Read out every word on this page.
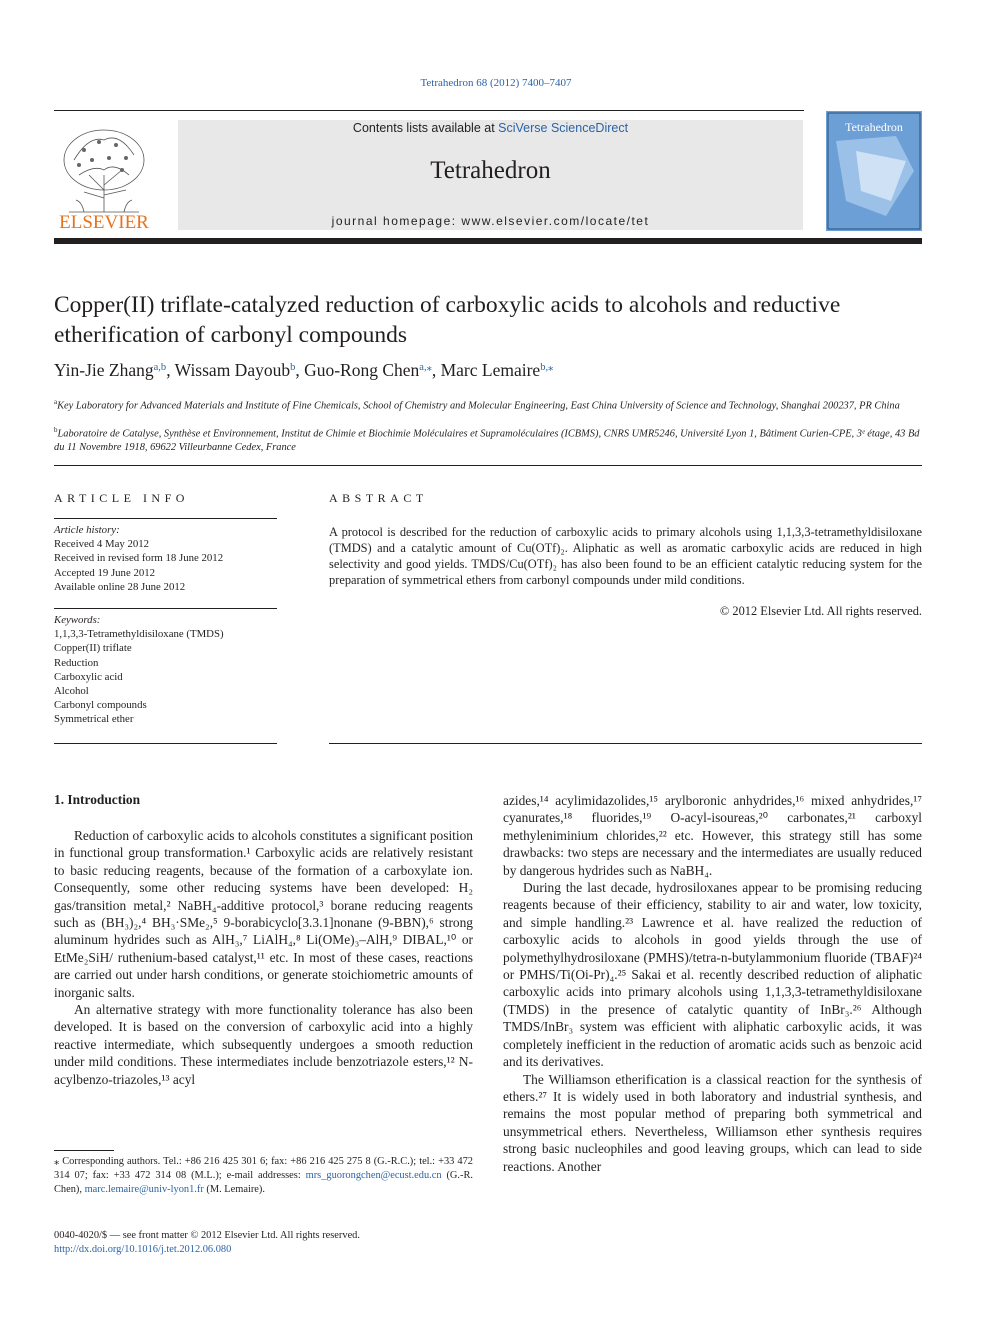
Tetrahedron 68 (2012) 7400–7407
ELSEVIER
Contents lists available at SciVerse ScienceDirect
Tetrahedron
journal homepage: www.elsevier.com/locate/tet
Tetrahedron
Copper(II) triflate-catalyzed reduction of carboxylic acids to alcohols and reductive etherification of carbonyl compounds
Yin-Jie Zhang$^{a,b}$, Wissam Dayoub$^b$, Guo-Rong Chen$^{a,⁎}$, Marc Lemaire$^{b,⁎}$
$^a$Key Laboratory for Advanced Materials and Institute of Fine Chemicals, School of Chemistry and Molecular Engineering, East China University of Science and Technology, Shanghai 200237, PR China
$^b$Laboratoire de Catalyse, Synthèse et Environnement, Institut de Chimie et Biochimie Moléculaires et Supramoléculaires (ICBMS), CNRS UMR5246, Université Lyon 1, Bâtiment Curien-CPE, 3ᵉ étage, 43 Bd du 11 Novembre 1918, 69622 Villeurbanne Cedex, France
ARTICLE INFO
Article history:
Received 4 May 2012
Received in revised form 18 June 2012
Accepted 19 June 2012
Available online 28 June 2012
Keywords:
1,1,3,3-Tetramethyldisiloxane (TMDS)
Copper(II) triflate
Reduction
Carboxylic acid
Alcohol
Carbonyl compounds
Symmetrical ether
ABSTRACT
A protocol is described for the reduction of carboxylic acids to primary alcohols using 1,1,3,3-tetramethyldisiloxane (TMDS) and a catalytic amount of Cu(OTf)₂. Aliphatic as well as aromatic carboxylic acids are reduced in high selectivity and good yields. TMDS/Cu(OTf)₂ has also been found to be an efficient catalytic reducing system for the preparation of symmetrical ethers from carbonyl compounds under mild conditions.
© 2012 Elsevier Ltd. All rights reserved.
1. Introduction

Reduction of carboxylic acids to alcohols constitutes a significant position in functional group transformation.¹ Carboxylic acids are relatively resistant to basic reducing reagents, because of the formation of a carboxylate ion. Consequently, some other reducing systems have been developed: H₂ gas/transition metal,² NaBH₄-additive protocol,³ borane reducing reagents such as (BH₃)₂,⁴ BH₃·SMe₂,⁵ 9-borabicyclo[3.3.1]nonane (9-BBN),⁶ strong aluminum hydrides such as AlH₃,⁷ LiAlH₄,⁸ Li(OMe)₃–AlH,⁹ DIBAL,¹⁰ or EtMe₂SiH/ ruthenium-based catalyst,¹¹ etc. In most of these cases, reactions are carried out under harsh conditions, or generate stoichiometric amounts of inorganic salts.

An alternative strategy with more functionality tolerance has also been developed. It is based on the conversion of carboxylic acid into a highly reactive intermediate, which subsequently undergoes a smooth reduction under mild conditions. These intermediates include benzotriazole esters,¹² N-acylbenzo-triazoles,¹³ acyl

azides,¹⁴ acylimidazolides,¹⁵ arylboronic anhydrides,¹⁶ mixed anhydrides,¹⁷ cyanurates,¹⁸ fluorides,¹⁹ O-acyl-isoureas,²⁰ carbonates,²¹ carboxyl methyleniminium chlorides,²² etc. However, this strategy still has some drawbacks: two steps are necessary and the intermediates are usually reduced by dangerous hydrides such as NaBH₄.

During the last decade, hydrosiloxanes appear to be promising reducing reagents because of their efficiency, stability to air and water, low toxicity, and simple handling.²³ Lawrence et al. have realized the reduction of carboxylic acids to alcohols in good yields through the use of polymethylhydrosiloxane (PMHS)/tetra-n-butylammonium fluoride (TBAF)²⁴ or PMHS/Ti(Oi-Pr)₄.²⁵ Sakai et al. recently described reduction of aliphatic carboxylic acids into primary alcohols using 1,1,3,3-tetramethyldisiloxane (TMDS) in the presence of catalytic quantity of InBr₃.²⁶ Although TMDS/InBr₃ system was efficient with aliphatic carboxylic acids, it was completely inefficient in the reduction of aromatic acids such as benzoic acid and its derivatives.

The Williamson etherification is a classical reaction for the synthesis of ethers.²⁷ It is widely used in both laboratory and industrial synthesis, and remains the most popular method of preparing both symmetrical and unsymmetrical ethers. Nevertheless, Williamson ether synthesis requires strong basic nucleophiles and good leaving groups, which can lead to side reactions. Another

⁎ Corresponding authors. Tel.: +86 216 425 301 6; fax: +86 216 425 275 8 (G.-R.C.); tel.: +33 472 314 07; fax: +33 472 314 08 (M.L.); e-mail addresses: mrs_guorongchen@ecust.edu.cn (G.-R. Chen), marc.lemaire@univ-lyon1.fr (M. Lemaire).
0040-4020/$ — see front matter © 2012 Elsevier Ltd. All rights reserved.
http://dx.doi.org/10.1016/j.tet.2012.06.080
